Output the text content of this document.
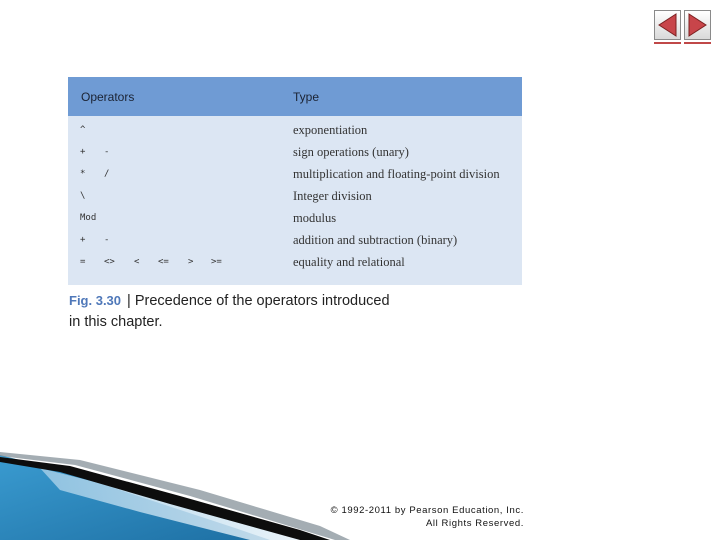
Operators	Type
^	exponentiation
+ -	sign operations (unary)
* /	multiplication and floating-point division
\	Integer division
Mod	modulus
+ -	addition and subtraction (binary)
= <> < <= > >=	equality and relational
Fig. 3.30 | Precedence of the operators introduced
in this chapter.
© 1992-2011 by Pearson Education, Inc.
All Rights Reserved.
